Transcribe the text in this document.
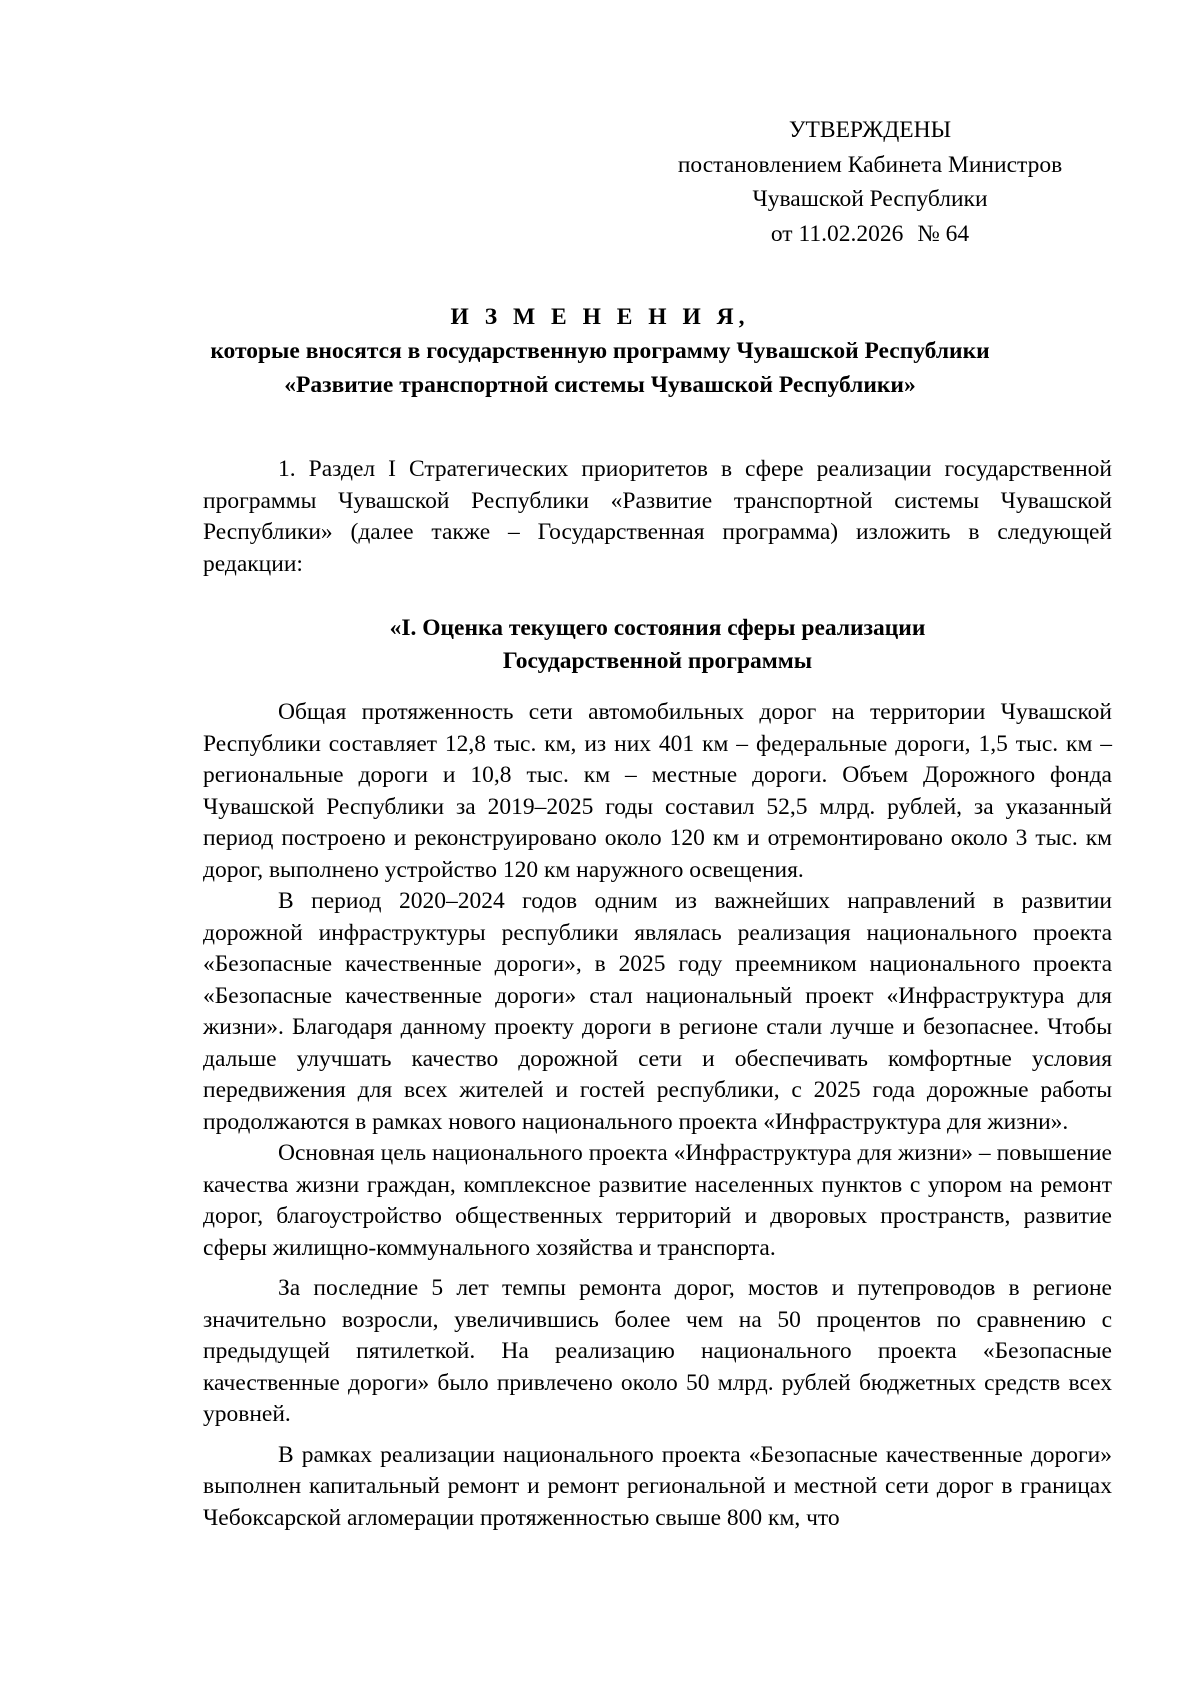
УТВЕРЖДЕНЫ
постановлением Кабинета Министров
Чувашской Республики
от 11.02.2026 № 64
И З М Е Н Е Н И Я,
которые вносятся в государственную программу Чувашской Республики
«Развитие транспортной системы Чувашской Республики»

1. Раздел I Стратегических приоритетов в сфере реализации государственной программы Чувашской Республики «Развитие транспортной системы Чувашской Республики» (далее также – Государственная программа) изложить в следующей редакции:

«I. Оценка текущего состояния сферы реализации
Государственной программы

Общая протяженность сети автомобильных дорог на территории Чувашской Республики составляет 12,8 тыс. км, из них 401 км – федеральные дороги, 1,5 тыс. км – региональные дороги и 10,8 тыс. км – местные дороги. Объем Дорожного фонда Чувашской Республики за 2019–2025 годы составил 52,5 млрд. рублей, за указанный период построено и реконструировано около 120 км и отремонтировано около 3 тыс. км дорог, выполнено устройство 120 км наружного освещения.

В период 2020–2024 годов одним из важнейших направлений в развитии дорожной инфраструктуры республики являлась реализация национального проекта «Безопасные качественные дороги», в 2025 году преемником национального проекта «Безопасные качественные дороги» стал национальный проект «Инфраструктура для жизни». Благодаря данному проекту дороги в регионе стали лучше и безопаснее. Чтобы дальше улучшать качество дорожной сети и обеспечивать комфортные условия передвижения для всех жителей и гостей республики, с 2025 года дорожные работы продолжаются в рамках нового национального проекта «Инфраструктура для жизни».

Основная цель национального проекта «Инфраструктура для жизни» – повышение качества жизни граждан, комплексное развитие населенных пунктов с упором на ремонт дорог, благоустройство общественных территорий и дворовых пространств, развитие сферы жилищно-коммунального хозяйства и транспорта.

За последние 5 лет темпы ремонта дорог, мостов и путепроводов в регионе значительно возросли, увеличившись более чем на 50 процентов по сравнению с предыдущей пятилеткой. На реализацию национального проекта «Безопасные качественные дороги» было привлечено около 50 млрд. рублей бюджетных средств всех уровней.

В рамках реализации национального проекта «Безопасные качественные дороги» выполнен капитальный ремонт и ремонт региональной и местной сети дорог в границах Чебоксарской агломерации протяженностью свыше 800 км, что
